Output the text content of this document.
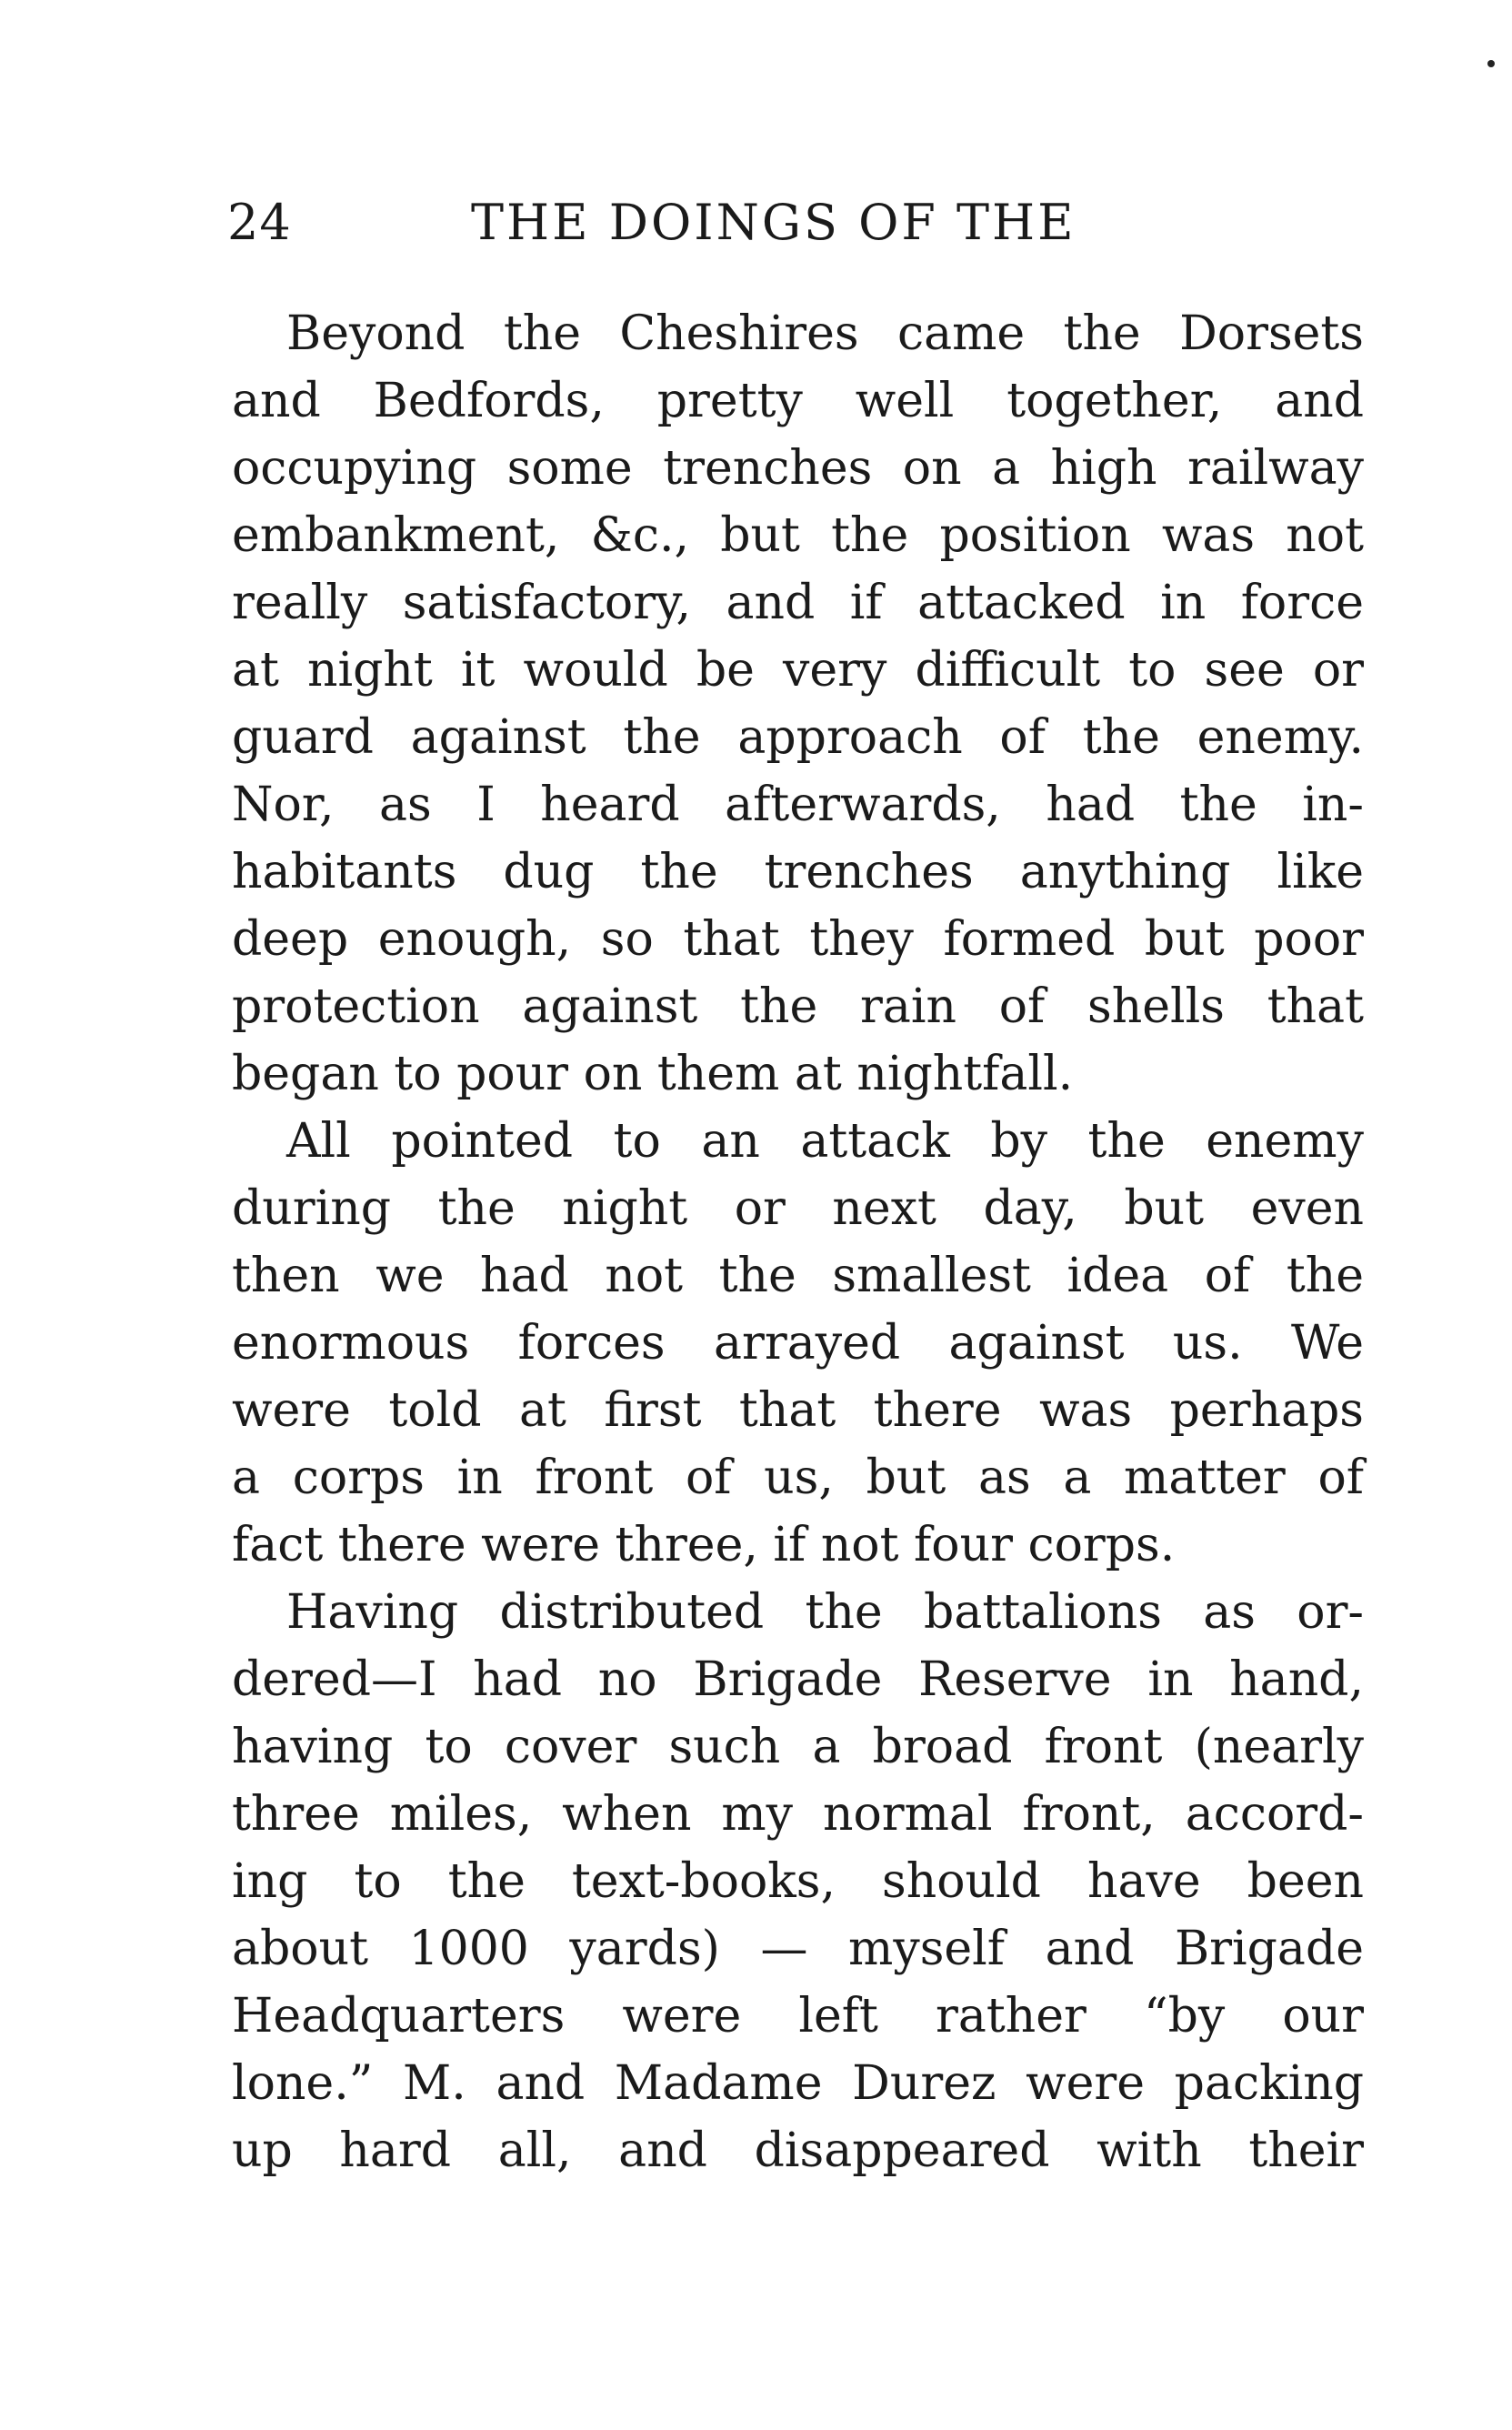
24	THE DOINGS OF THE
Beyond the Cheshires came the Dorsets
and Bedfords, pretty well together, and
occupying some trenches on a high railway
embankment, &c., but the position was not
really satisfactory, and if attacked in force
at night it would be very difficult to see or
guard against the approach of the enemy.
Nor, as I heard afterwards, had the in-
habitants dug the trenches anything like
deep enough, so that they formed but poor
protection against the rain of shells that
began to pour on them at nightfall.
All pointed to an attack by the enemy
during the night or next day, but even
then we had not the smallest idea of the
enormous forces arrayed against us. We
were told at first that there was perhaps
a corps in front of us, but as a matter of
fact there were three, if not four corps.
Having distributed the battalions as or-
dered—I had no Brigade Reserve in hand,
having to cover such a broad front (nearly
three miles, when my normal front, accord-
ing to the text-books, should have been
about 1000 yards) — myself and Brigade
Headquarters were left rather “by our
lone.” M. and Madame Durez were packing
up hard all, and disappeared with their
